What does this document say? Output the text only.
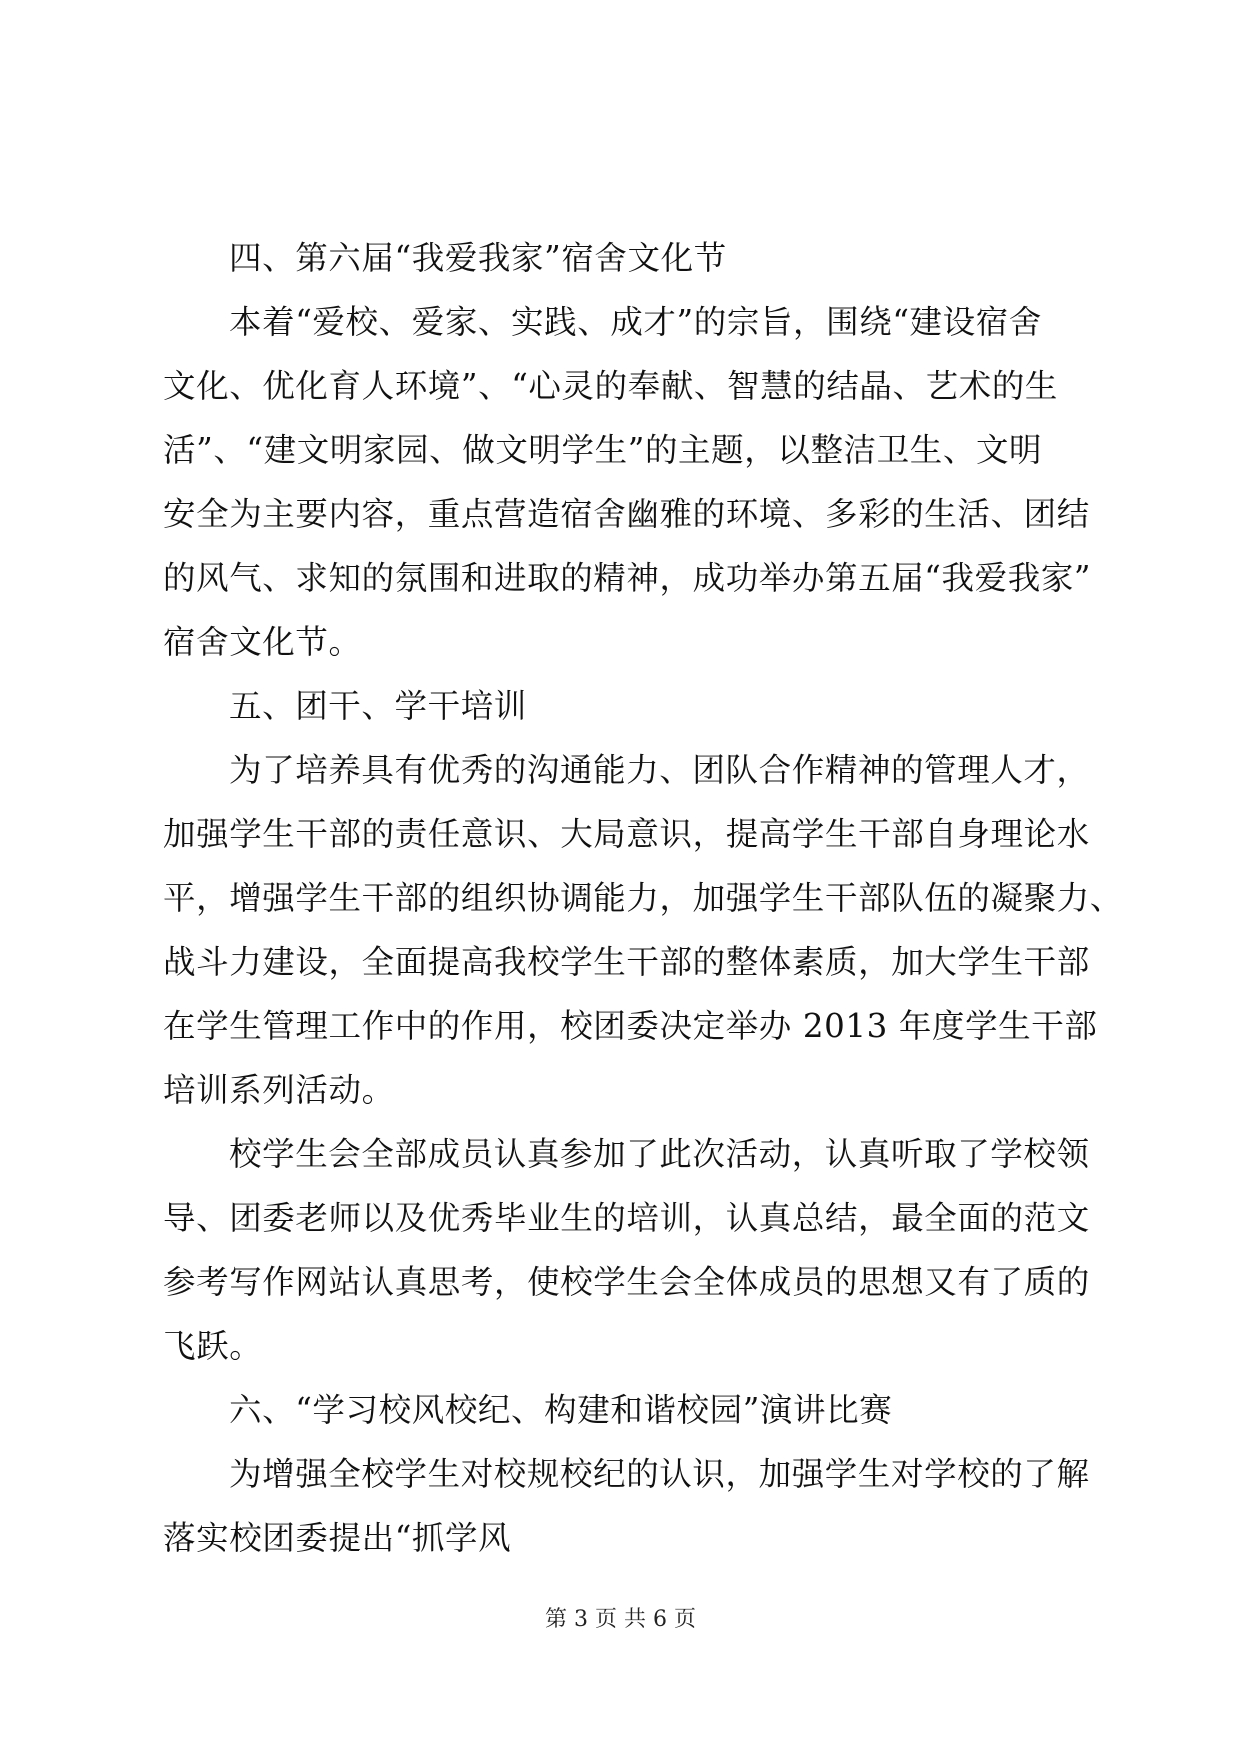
四、第六届“我爱我家”宿舍文化节
本着“爱校、爱家、实践、成才”的宗旨，围绕“建设宿舍
文化、优化育人环境”、“心灵的奉献、智慧的结晶、艺术的生
活”、“建文明家园、做文明学生”的主题，以整洁卫生、文明
安全为主要内容，重点营造宿舍幽雅的环境、多彩的生活、团结
的风气、求知的氛围和进取的精神，成功举办第五届“我爱我家”
宿舍文化节。
五、团干、学干培训
为了培养具有优秀的沟通能力、团队合作精神的管理人才，
加强学生干部的责任意识、大局意识，提高学生干部自身理论水
平，增强学生干部的组织协调能力，加强学生干部队伍的凝聚力、
战斗力建设，全面提高我校学生干部的整体素质，加大学生干部
在学生管理工作中的作用，校团委决定举办 2013 年度学生干部
培训系列活动。
校学生会全部成员认真参加了此次活动，认真听取了学校领
导、团委老师以及优秀毕业生的培训，认真总结，最全面的范文
参考写作网站认真思考，使校学生会全体成员的思想又有了质的
飞跃。
六、“学习校风校纪、构建和谐校园”演讲比赛
为增强全校学生对校规校纪的认识，加强学生对学校的了解
落实校团委提出“抓学风
第 3 页 共 6 页
